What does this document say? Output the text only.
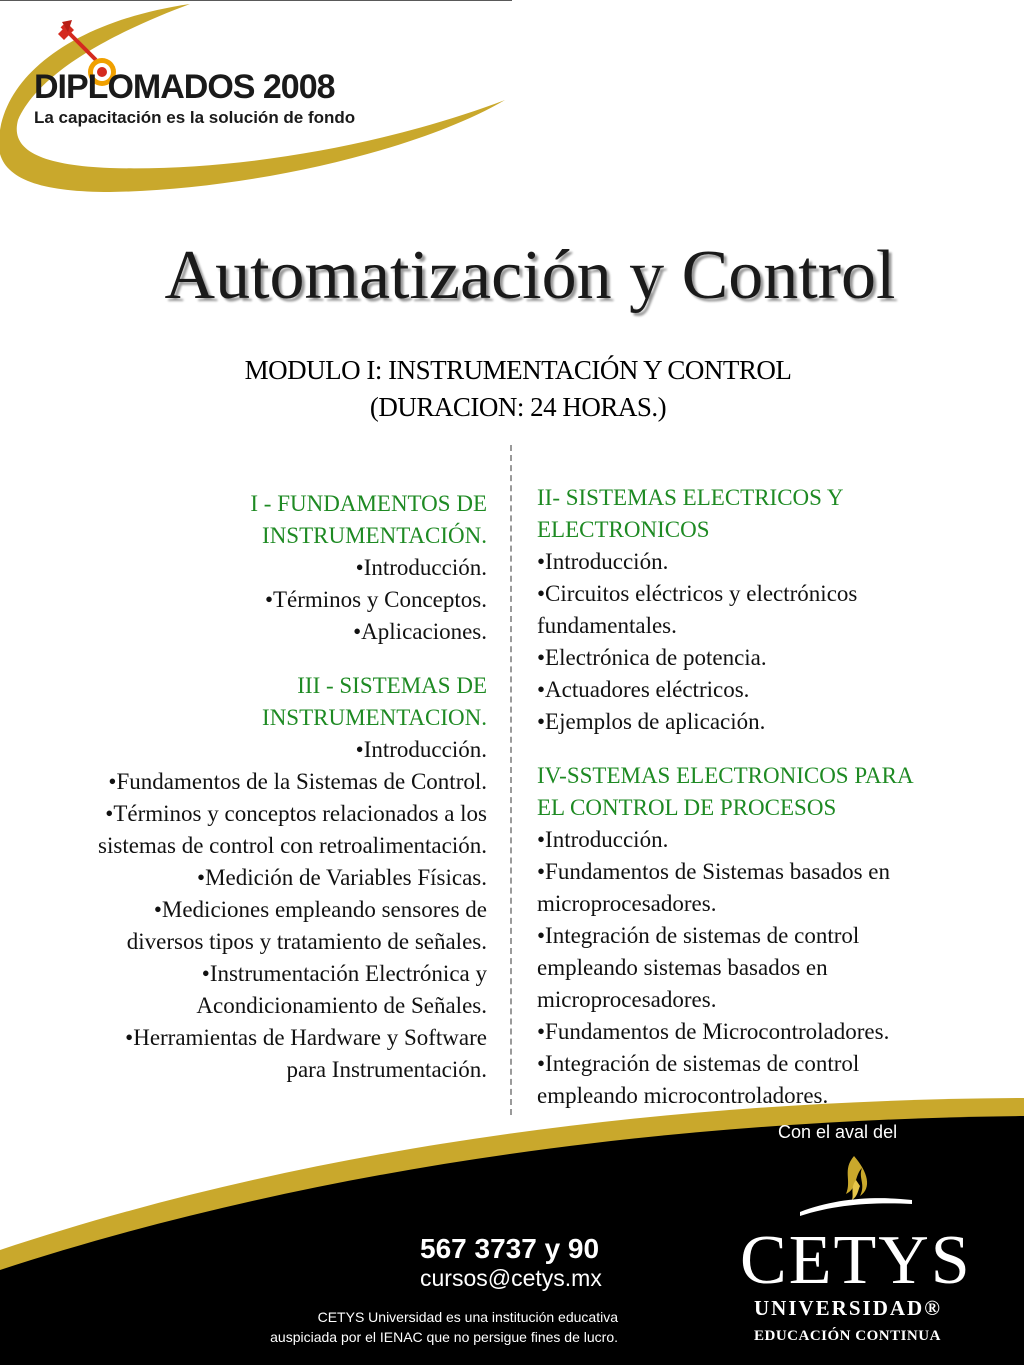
DIPLOMADOS 2008
La capacitación es la solución de fondo
Automatización y Control
MODULO I: INSTRUMENTACIÓN Y CONTROL
(DURACION: 24 HORAS.)
I - FUNDAMENTOS DE
INSTRUMENTACIÓN.
•Introducción.
•Términos y Conceptos.
•Aplicaciones.
III - SISTEMAS DE
INSTRUMENTACION.
•Introducción.
•Fundamentos de la Sistemas de Control.
•Términos y conceptos relacionados a los
sistemas de control con retroalimentación.
•Medición de Variables Físicas.
•Mediciones empleando sensores de
diversos tipos y tratamiento de señales.
•Instrumentación Electrónica y
Acondicionamiento de Señales.
•Herramientas de Hardware y Software
para Instrumentación.
II- SISTEMAS ELECTRICOS Y
ELECTRONICOS
•Introducción.
•Circuitos eléctricos y electrónicos
fundamentales.
•Electrónica de potencia.
•Actuadores eléctricos.
•Ejemplos de aplicación.
IV-SSTEMAS ELECTRONICOS PARA
EL CONTROL DE PROCESOS
•Introducción.
•Fundamentos de Sistemas basados en
microprocesadores.
•Integración de sistemas de control
empleando sistemas basados en
microprocesadores.
•Fundamentos de Microcontroladores.
•Integración de sistemas de control
empleando microcontroladores.
Con el aval del
567 3737 y 90
cursos@cetys.mx
CETYS Universidad es una institución educativa
auspiciada por el IENAC que no persigue fines de lucro.
CETYS
UNIVERSIDAD®
EDUCACIÓN CONTINUA
